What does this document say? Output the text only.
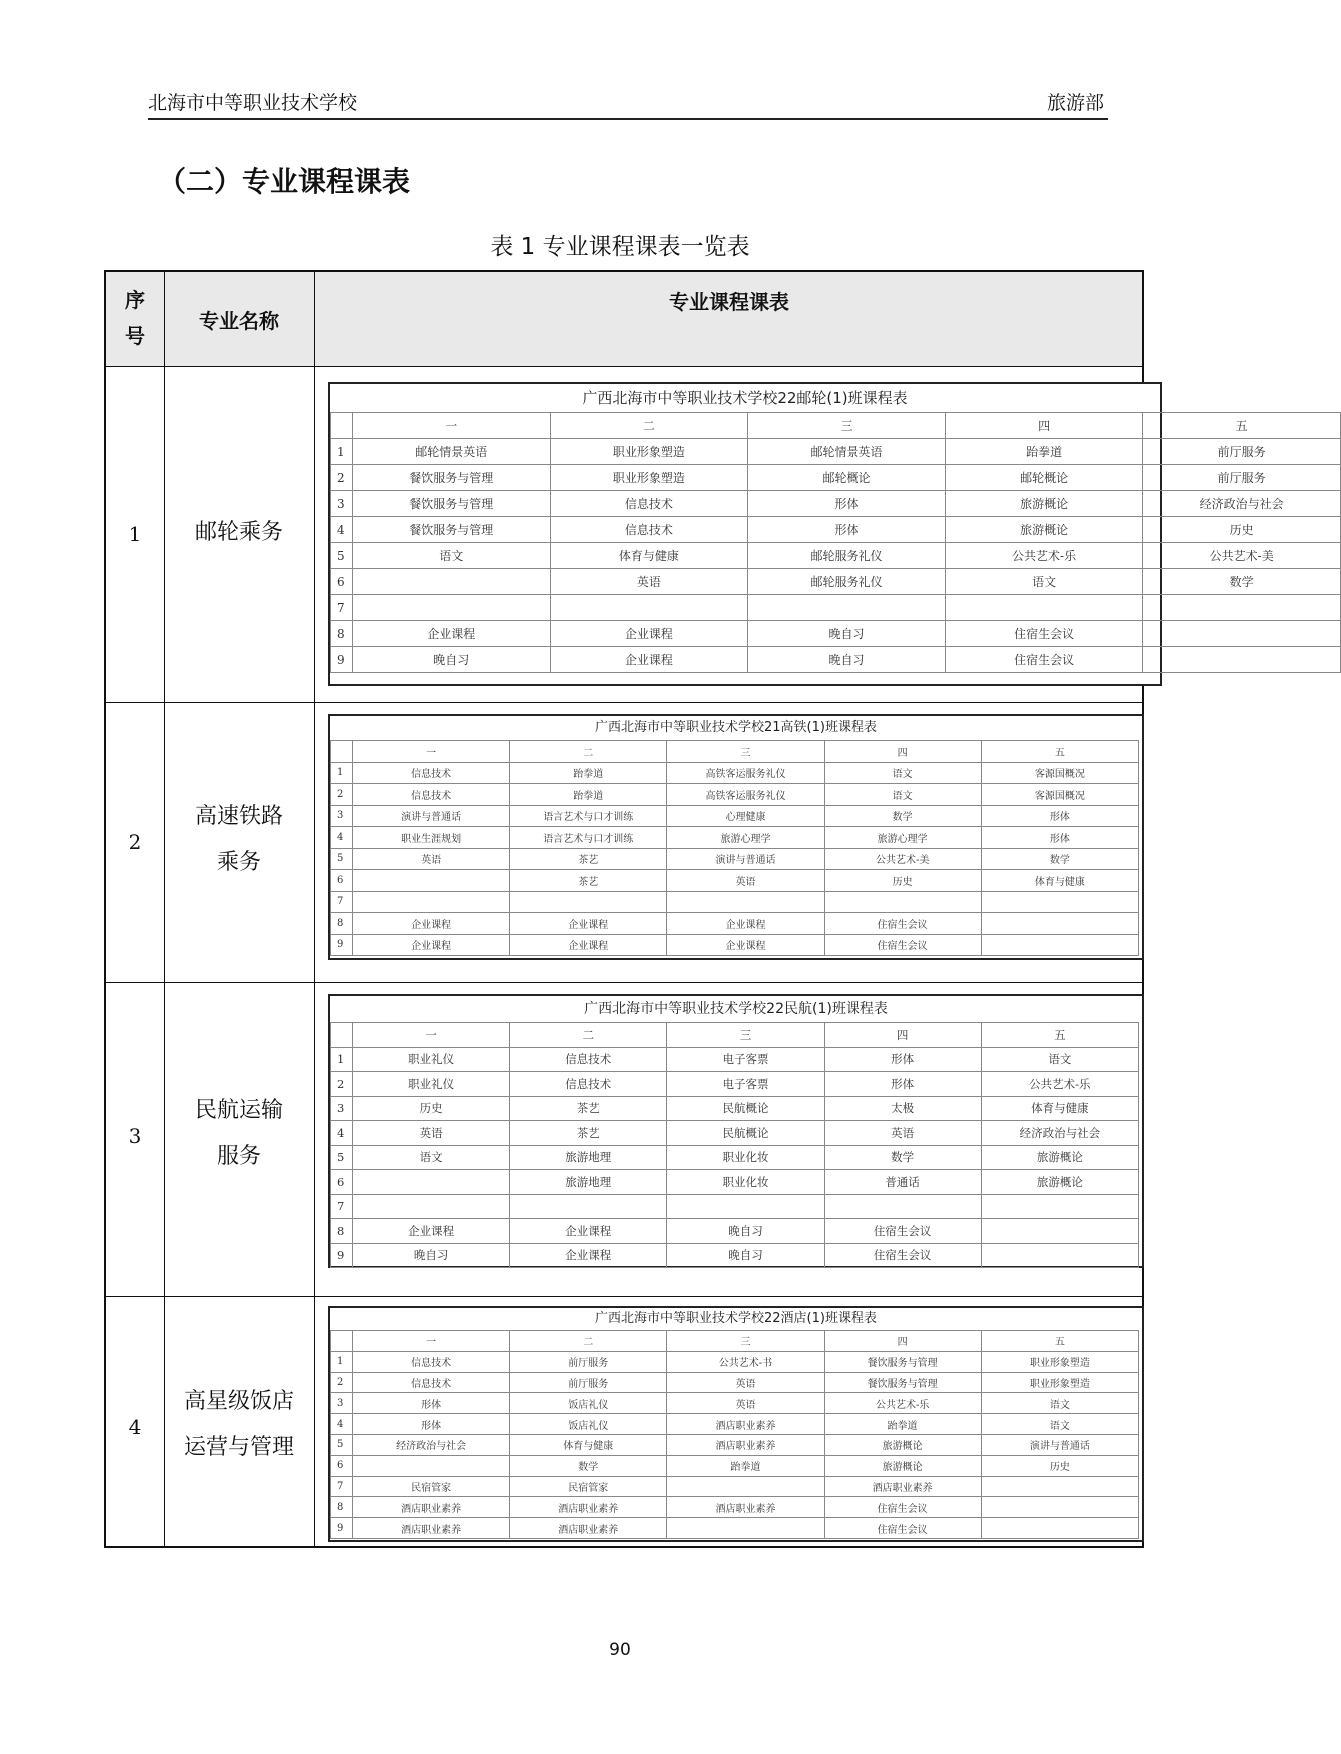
北海市中等职业技术学校	旅游部
（二）专业课程课表
表 1 专业课程课表一览表
序号
专业名称
专业课程课表
1	邮轮乘务
广西北海市中等职业技术学校22邮轮(1)班课程表
	一	二	三	四	五
1	邮轮情景英语	职业形象塑造	邮轮情景英语	跆拳道	前厅服务
2	餐饮服务与管理	职业形象塑造	邮轮概论	邮轮概论	前厅服务
3	餐饮服务与管理	信息技术	形体	旅游概论	经济政治与社会
4	餐饮服务与管理	信息技术	形体	旅游概论	历史
5	语文	体育与健康	邮轮服务礼仪	公共艺术-乐	公共艺术-美
6		英语	邮轮服务礼仪	语文	数学
7					
8	企业课程	企业课程	晚自习	住宿生会议	
9	晚自习	企业课程	晚自习	住宿生会议	
2
高速铁路
乘务
广西北海市中等职业技术学校21高铁(1)班课程表
	一	二	三	四	五
1	信息技术	跆拳道	高铁客运服务礼仪	语文	客源国概况
2	信息技术	跆拳道	高铁客运服务礼仪	语文	客源国概况
3	演讲与普通话	语言艺术与口才训练	心理健康	数学	形体
4	职业生涯规划	语言艺术与口才训练	旅游心理学	旅游心理学	形体
5	英语	茶艺	演讲与普通话	公共艺术-美	数学
6		茶艺	英语	历史	体育与健康
7					
8	企业课程	企业课程	企业课程	住宿生会议	
9	企业课程	企业课程	企业课程	住宿生会议	
3
民航运输
服务
广西北海市中等职业技术学校22民航(1)班课程表
	一	二	三	四	五
1	职业礼仪	信息技术	电子客票	形体	语文
2	职业礼仪	信息技术	电子客票	形体	公共艺术-乐
3	历史	茶艺	民航概论	太极	体育与健康
4	英语	茶艺	民航概论	英语	经济政治与社会
5	语文	旅游地理	职业化妆	数学	旅游概论
6		旅游地理	职业化妆	普通话	旅游概论
7					
8	企业课程	企业课程	晚自习	住宿生会议	
9	晚自习	企业课程	晚自习	住宿生会议	
4
高星级饭店
运营与管理
广西北海市中等职业技术学校22酒店(1)班课程表
	一	二	三	四	五
1	信息技术	前厅服务	公共艺术-书	餐饮服务与管理	职业形象塑造
2	信息技术	前厅服务	英语	餐饮服务与管理	职业形象塑造
3	形体	饭店礼仪	英语	公共艺术-乐	语文
4	形体	饭店礼仪	酒店职业素养	跆拳道	语文
5	经济政治与社会	体育与健康	酒店职业素养	旅游概论	演讲与普通话
6		数学	跆拳道	旅游概论	历史
7	民宿管家	民宿管家		酒店职业素养	
8	酒店职业素养	酒店职业素养	酒店职业素养	住宿生会议	
9	酒店职业素养	酒店职业素养		住宿生会议	
90
